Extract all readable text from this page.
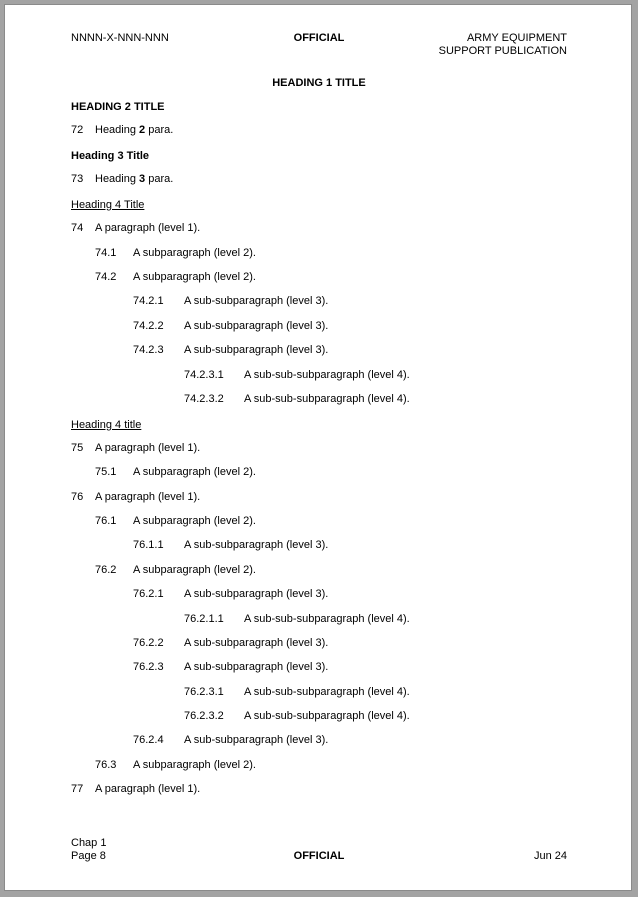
NNNN-X-NNN-NNN	OFFICIAL	ARMY EQUIPMENT
SUPPORT PUBLICATION
HEADING 1 TITLE
HEADING 2 TITLE
72 Heading 2 para.
Heading 3 Title
73 Heading 3 para.
Heading 4 Title
74 A paragraph (level 1).
74.1 A subparagraph (level 2).
74.2 A subparagraph (level 2).
74.2.1 A sub-subparagraph (level 3).
74.2.2 A sub-subparagraph (level 3).
74.2.3 A sub-subparagraph (level 3).
74.2.3.1 A sub-sub-subparagraph (level 4).
74.2.3.2 A sub-sub-subparagraph (level 4).
Heading 4 title
75 A paragraph (level 1).
75.1 A subparagraph (level 2).
76 A paragraph (level 1).
76.1 A subparagraph (level 2).
76.1.1 A sub-subparagraph (level 3).
76.2 A subparagraph (level 2).
76.2.1 A sub-subparagraph (level 3).
76.2.1.1 A sub-sub-subparagraph (level 4).
76.2.2 A sub-subparagraph (level 3).
76.2.3 A sub-subparagraph (level 3).
76.2.3.1 A sub-sub-subparagraph (level 4).
76.2.3.2 A sub-sub-subparagraph (level 4).
76.2.4 A sub-subparagraph (level 3).
76.3 A subparagraph (level 2).
77 A paragraph (level 1).
Chap 1
Page 8	OFFICIAL	Jun 24
